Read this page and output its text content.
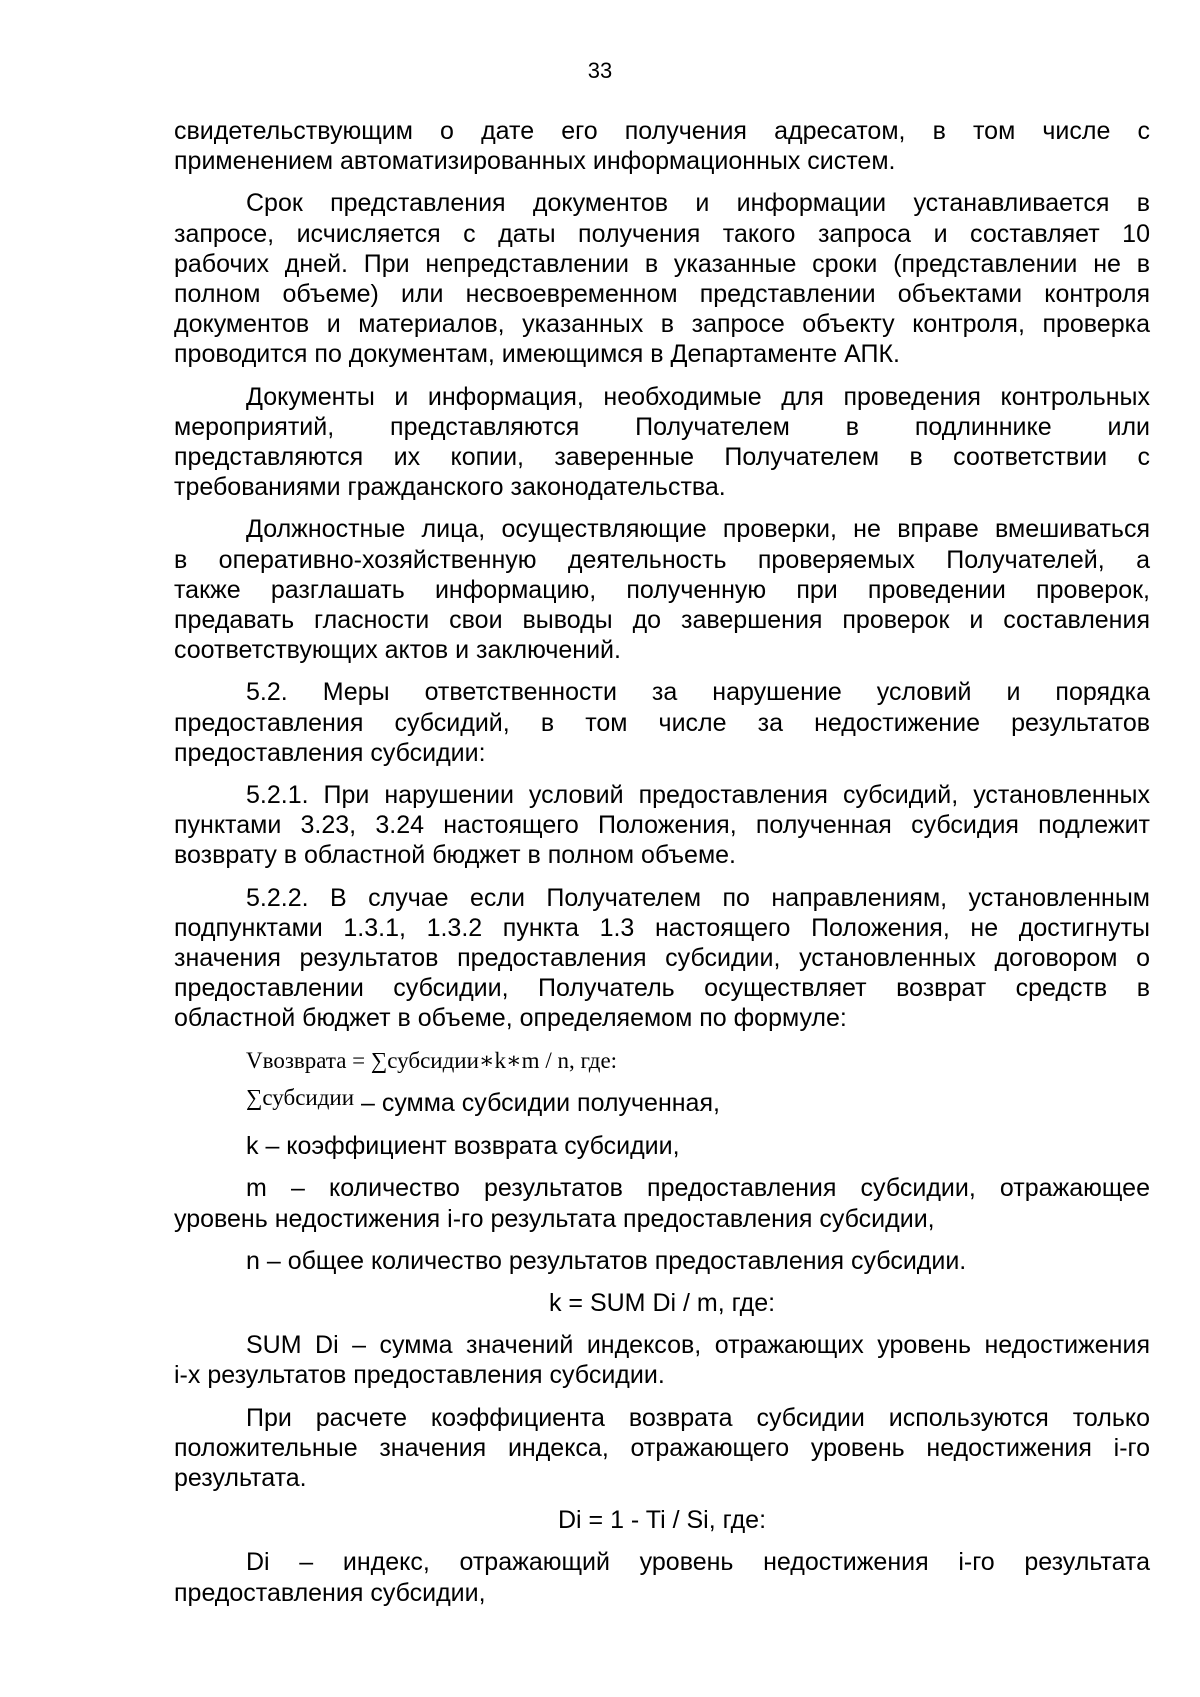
33
свидетельствующим о дате его получения адресатом, в том числе с
применением автоматизированных информационных систем.
Срок представления документов и информации устанавливается в
запросе, исчисляется с даты получения такого запроса и составляет 10
рабочих дней. При непредставлении в указанные сроки (представлении не в
полном объеме) или несвоевременном представлении объектами контроля
документов и материалов, указанных в запросе объекту контроля, проверка
проводится по документам, имеющимся в Департаменте АПК.
Документы и информация, необходимые для проведения контрольных
мероприятий, представляются Получателем в подлиннике или
представляются их копии, заверенные Получателем в соответствии с
требованиями гражданского законодательства.
Должностные лица, осуществляющие проверки, не вправе вмешиваться
в оперативно-хозяйственную деятельность проверяемых Получателей, а
также разглашать информацию, полученную при проведении проверок,
предавать гласности свои выводы до завершения проверок и составления
соответствующих актов и заключений.
5.2. Меры ответственности за нарушение условий и порядка
предоставления субсидий, в том числе за недостижение результатов
предоставления субсидии:
5.2.1. При нарушении условий предоставления субсидий, установленных
пунктами 3.23, 3.24 настоящего Положения, полученная субсидия подлежит
возврату в областной бюджет в полном объеме.
5.2.2. В случае если Получателем по направлениям, установленным
подпунктами 1.3.1, 1.3.2 пункта 1.3 настоящего Положения, не достигнуты
значения результатов предоставления субсидии, установленных договором о
предоставлении субсидии, Получатель осуществляет возврат средств в
областной бюджет в объеме, определяемом по формуле:
Vвозврата = ∑субсидии∗k∗m / n, где:
∑субсидии – сумма субсидии полученная,
k – коэффициент возврата субсидии,
m – количество результатов предоставления субсидии, отражающее
уровень недостижения i-го результата предоставления субсидии,
n – общее количество результатов предоставления субсидии.
k = SUM Di / m, где:
SUM Di – сумма значений индексов, отражающих уровень недостижения
i-х результатов предоставления субсидии.
При расчете коэффициента возврата субсидии используются только
положительные значения индекса, отражающего уровень недостижения i-го
результата.
Di = 1 - Ti / Si, где:
Di – индекс, отражающий уровень недостижения i-го результата
предоставления субсидии,
